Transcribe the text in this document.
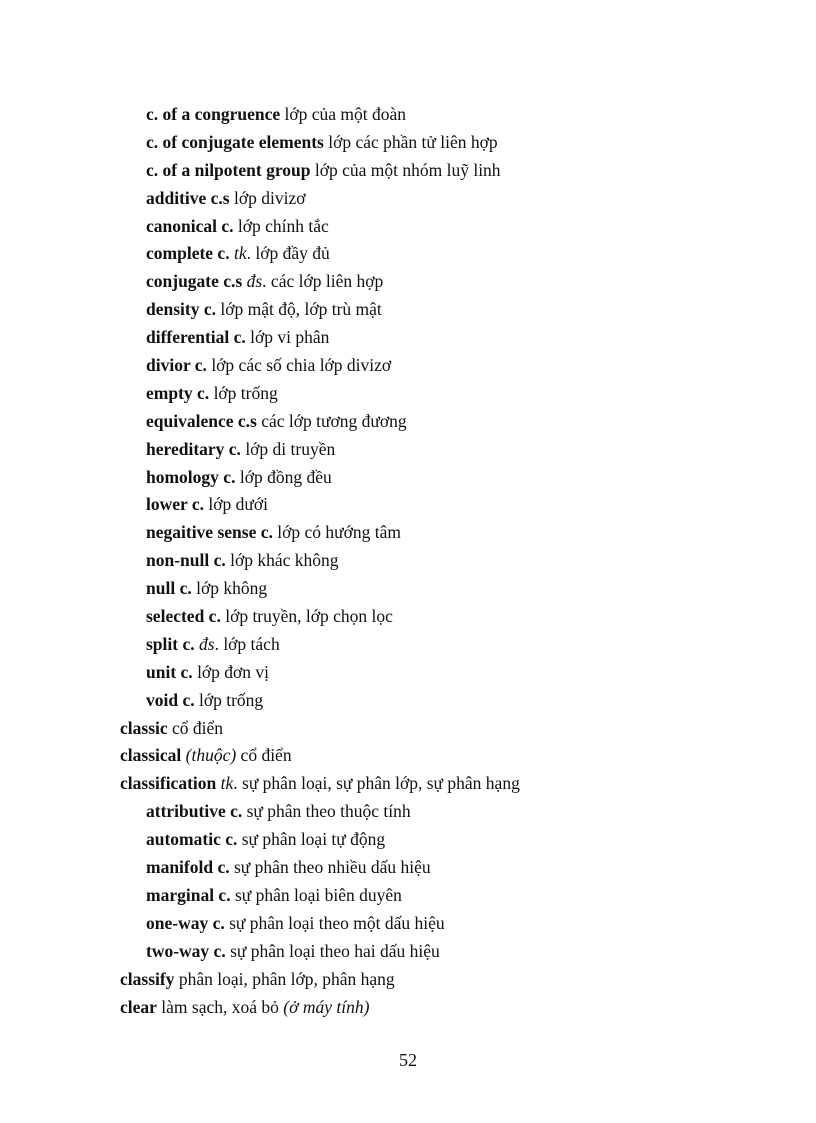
c. of a congruence lớp của một đoàn
c. of conjugate elements lớp các phần tử liên hợp
c. of a nilpotent group lớp của một nhóm luỹ linh
additive c.s lớp divizơ
canonical c. lớp chính tắc
complete c. tk. lớp đầy đủ
conjugate c.s đs. các lớp liên hợp
density c. lớp mật độ, lớp trù mật
differential c. lớp vi phân
divior c. lớp các số chia lớp divizơ
empty c. lớp trống
equivalence c.s các lớp tương đương
hereditary c. lớp di truyền
homology c. lớp đồng đều
lower c. lớp dưới
negaitive sense c. lớp có hướng tâm
non-null c. lớp khác không
null c. lớp không
selected c. lớp truyền, lớp chọn lọc
split c. đs. lớp tách
unit c. lớp đơn vị
void c. lớp trống
classic cổ điển
classical (thuộc) cổ điển
classification tk. sự phân loại, sự phân lớp, sự phân hạng
attributive c. sự phân theo thuộc tính
automatic c. sự phân loại tự động
manifold c. sự phân theo nhiều dấu hiệu
marginal c. sự phân loại biên duyên
one-way c. sự phân loại theo một dấu hiệu
two-way c. sự phân loại theo hai dấu hiệu
classify phân loại, phân lớp, phân hạng
clear làm sạch, xoá bỏ (ở máy tính)
52
